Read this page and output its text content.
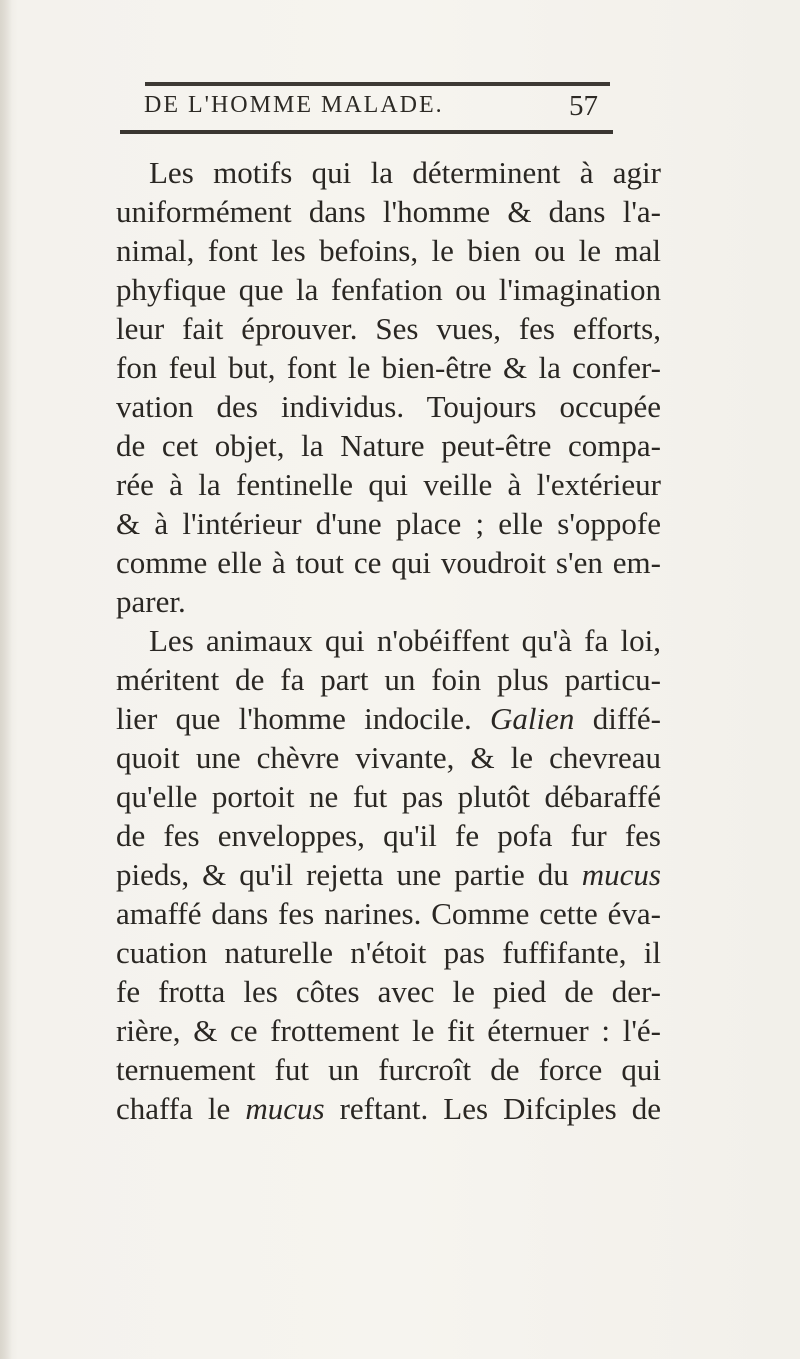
DE L'HOMME MALADE.	57
Les motifs qui la déterminent à agir
uniformément dans l'homme & dans l'a-
nimal, font les befoins, le bien ou le mal
phyfique que la fenfation ou l'imagination
leur fait éprouver. Ses vues, fes efforts,
fon feul but, font le bien-être & la confer-
vation des individus. Toujours occupée
de cet objet, la Nature peut-être compa-
rée à la fentinelle qui veille à l'extérieur
& à l'intérieur d'une place ; elle s'oppofe
comme elle à tout ce qui voudroit s'en em-
parer.
Les animaux qui n'obéiffent qu'à fa loi,
méritent de fa part un foin plus particu-
lier que l'homme indocile. Galien diffé-
quoit une chèvre vivante, & le chevreau
qu'elle portoit ne fut pas plutôt débaraffé
de fes enveloppes, qu'il fe pofa fur fes
pieds, & qu'il rejetta une partie du mucus
amaffé dans fes narines. Comme cette éva-
cuation naturelle n'étoit pas fuffifante, il
fe frotta les côtes avec le pied de der-
rière, & ce frottement le fit éternuer : l'é-
ternuement fut un furcroît de force qui
chaffa le mucus reftant. Les Difciples de
